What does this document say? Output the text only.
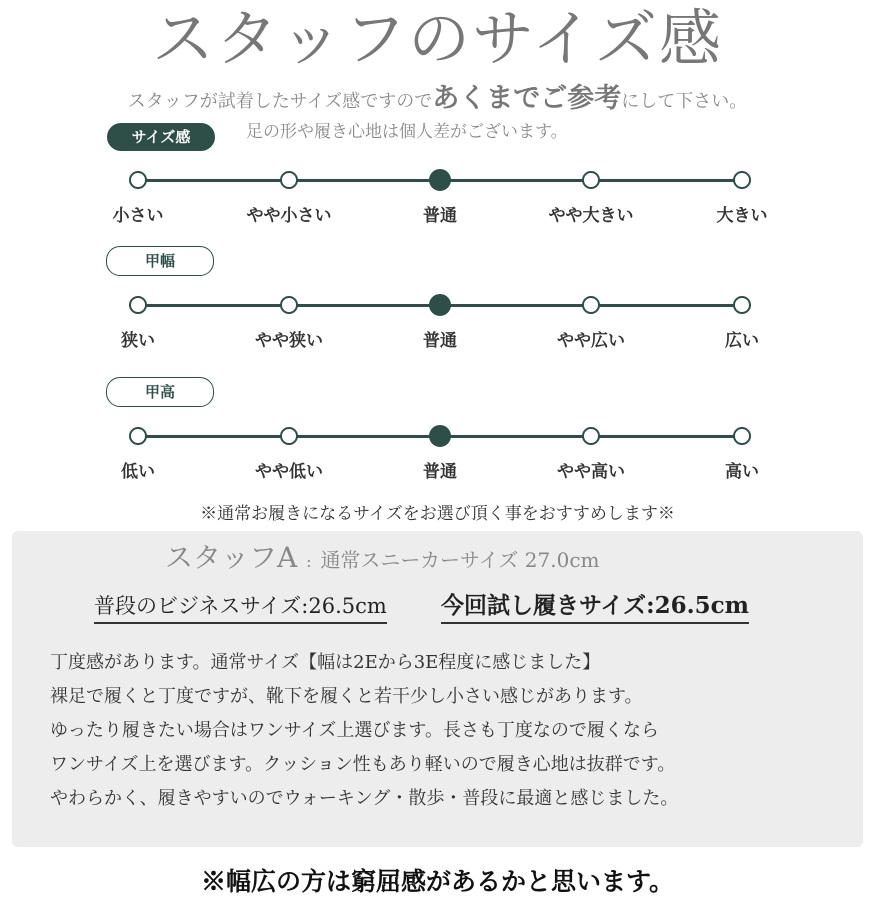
スタッフのサイズ感
スタッフが試着したサイズ感ですのであくまでご参考にして下さい。
足の形や履き心地は個人差がございます。
サイズ感
小さい	やや小さい	普通	やや大きい	大きい
甲幅
狭い	やや狭い	普通	やや広い	広い
甲高
低い	やや低い	普通	やや高い	高い
※通常お履きになるサイズをお選び頂く事をおすすめします※
スタッフA : 通常スニーカーサイズ 27.0cm
普段のビジネスサイズ:26.5cm 今回試し履きサイズ:26.5cm
丁度感があります。通常サイズ【幅は2Eから3E程度に感じました】
裸足で履くと丁度ですが、靴下を履くと若干少し小さい感じがあります。
ゆったり履きたい場合はワンサイズ上選びます。長さも丁度なので履くなら
ワンサイズ上を選びます。クッション性もあり軽いので履き心地は抜群です。
やわらかく、履きやすいのでウォーキング・散歩・普段に最適と感じました。
※幅広の方は窮屈感があるかと思います。
